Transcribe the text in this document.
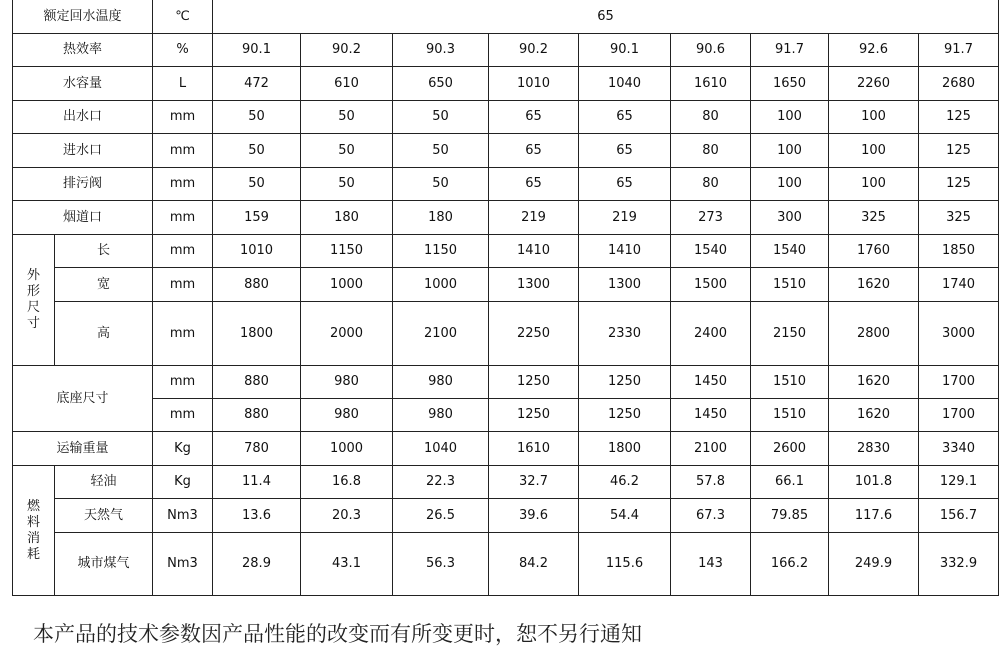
额定回水温度		℃	65								
热效率		%	90.1	90.2	90.3	90.2	90.1	90.6	91.7	92.6	91.7
水容量		L	472	610	650	1010	1040	1610	1650	2260	2680
出水口		mm	50	50	50	65	65	80	100	100	125
进水口		mm	50	50	50	65	65	80	100	100	125
排污阀		mm	50	50	50	65	65	80	100	100	125
烟道口		mm	159	180	180	219	219	273	300	325	325

外
形
尺
寸	长	mm	1010	1150	1150	1410	1410	1540	1540	1760	1850
	宽	mm	880	1000	1000	1300	1300	1500	1510	1620	1740
	高	mm	1800	2000	2100	2250	2330	2400	2150	2800	3000
底座尺寸		mm	880	980	980	1250	1250	1450	1510	1620	1700
		mm	880	980	980	1250	1250	1450	1510	1620	1700
运输重量		Kg	780	1000	1040	1610	1800	2100	2600	2830	3340

燃
料
消
耗	轻油	Kg	11.4	16.8	22.3	32.7	46.2	57.8	66.1	101.8	129.1
	天然气	Nm3	13.6	20.3	26.5	39.6	54.4	67.3	79.85	117.6	156.7
	城市煤气	Nm3	28.9	43.1	56.3	84.2	115.6	143	166.2	249.9	332.9
本产品的技术参数因产品性能的改变而有所变更时，恕不另行通知
